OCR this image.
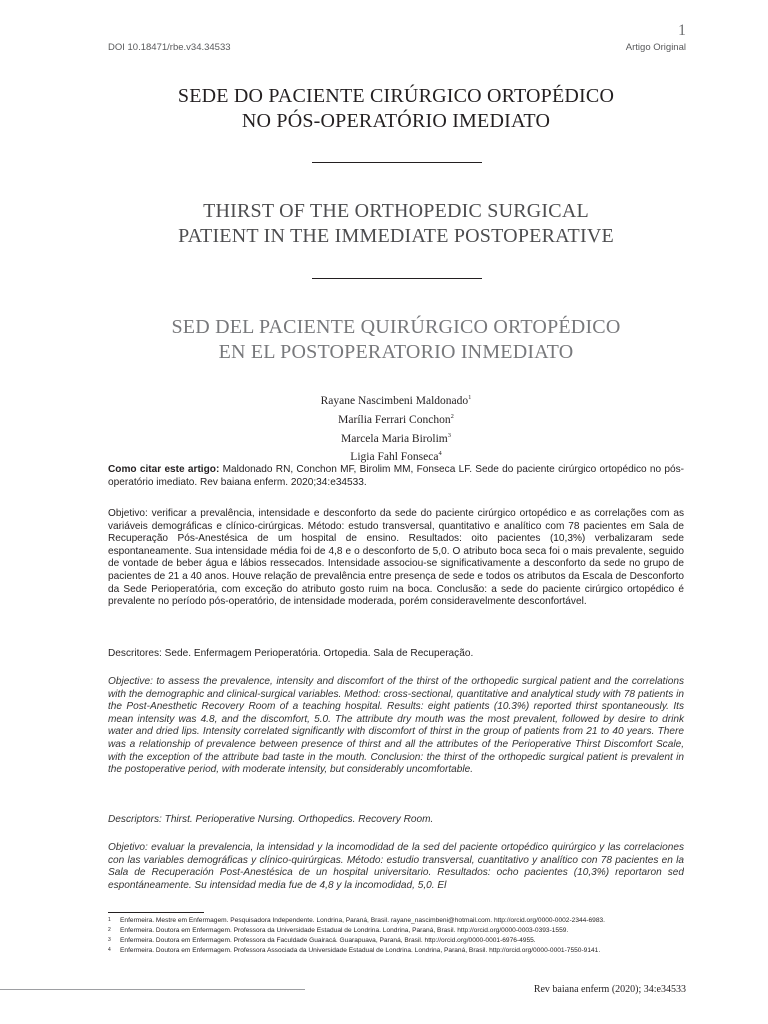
1
DOI 10.18471/rbe.v34.34533	Artigo Original
SEDE DO PACIENTE CIRÚRGICO ORTOPÉDICO
NO PÓS-OPERATÓRIO IMEDIATO
THIRST OF THE ORTHOPEDIC SURGICAL
PATIENT IN THE IMMEDIATE POSTOPERATIVE
SED DEL PACIENTE QUIRÚRGICO ORTOPÉDICO
EN EL POSTOPERATORIO INMEDIATO
Rayane Nascimbeni Maldonado$^1$
Marília Ferrari Conchon$^2$
Marcela Maria Birolim$^3$
Ligia Fahl Fonseca$^4$
Como citar este artigo: Maldonado RN, Conchon MF, Birolim MM, Fonseca LF. Sede do paciente cirúrgico ortopédico no pós-operatório imediato. Rev baiana enferm. 2020;34:e34533.
Objetivo: verificar a prevalência, intensidade e desconforto da sede do paciente cirúrgico ortopédico e as correlações com as variáveis demográficas e clínico-cirúrgicas. Método: estudo transversal, quantitativo e analítico com 78 pacientes em Sala de Recuperação Pós-Anestésica de um hospital de ensino. Resultados: oito pacientes (10,3%) verbalizaram sede espontaneamente. Sua intensidade média foi de 4,8 e o desconforto de 5,0. O atributo boca seca foi o mais prevalente, seguido de vontade de beber água e lábios ressecados. Intensidade associou-se significativamente a desconforto da sede no grupo de pacientes de 21 a 40 anos. Houve relação de prevalência entre presença de sede e todos os atributos da Escala de Desconforto da Sede Perioperatória, com exceção do atributo gosto ruim na boca. Conclusão: a sede do paciente cirúrgico ortopédico é prevalente no período pós-operatório, de intensidade moderada, porém consideravelmente desconfortável.
Descritores: Sede. Enfermagem Perioperatória. Ortopedia. Sala de Recuperação.
Objective: to assess the prevalence, intensity and discomfort of the thirst of the orthopedic surgical patient and the correlations with the demographic and clinical-surgical variables. Method: cross-sectional, quantitative and analytical study with 78 patients in the Post-Anesthetic Recovery Room of a teaching hospital. Results: eight patients (10.3%) reported thirst spontaneously. Its mean intensity was 4.8, and the discomfort, 5.0. The attribute dry mouth was the most prevalent, followed by desire to drink water and dried lips. Intensity correlated significantly with discomfort of thirst in the group of patients from 21 to 40 years. There was a relationship of prevalence between presence of thirst and all the attributes of the Perioperative Thirst Discomfort Scale, with the exception of the attribute bad taste in the mouth. Conclusion: the thirst of the orthopedic surgical patient is prevalent in the postoperative period, with moderate intensity, but considerably uncomfortable.
Descriptors: Thirst. Perioperative Nursing. Orthopedics. Recovery Room.
Objetivo: evaluar la prevalencia, la intensidad y la incomodidad de la sed del paciente ortopédico quirúrgico y las correlaciones con las variables demográficas y clínico-quirúrgicas. Método: estudio transversal, cuantitativo y analítico con 78 pacientes en la Sala de Recuperación Post-Anestésica de un hospital universitario. Resultados: ocho pacientes (10,3%) reportaron sed espontáneamente. Su intensidad media fue de 4,8 y la incomodidad, 5,0. El
1 Enfermeira. Mestre em Enfermagem. Pesquisadora Independente. Londrina, Paraná, Brasil. rayane_nascimbeni@hotmail.com. http://orcid.org/0000-0002-2344-6983.
2 Enfermeira. Doutora em Enfermagem. Professora da Universidade Estadual de Londrina. Londrina, Paraná, Brasil. http://orcid.org/0000-0003-0393-1559.
3 Enfermeira. Doutora em Enfermagem. Professora da Faculdade Guairacá. Guarapuava, Paraná, Brasil. http://orcid.org/0000-0001-6976-4955.
4 Enfermeira. Doutora em Enfermagem. Professora Associada da Universidade Estadual de Londrina. Londrina, Paraná, Brasil. http://orcid.org/0000-0001-7550-9141.
Rev baiana enferm (2020); 34:e34533
